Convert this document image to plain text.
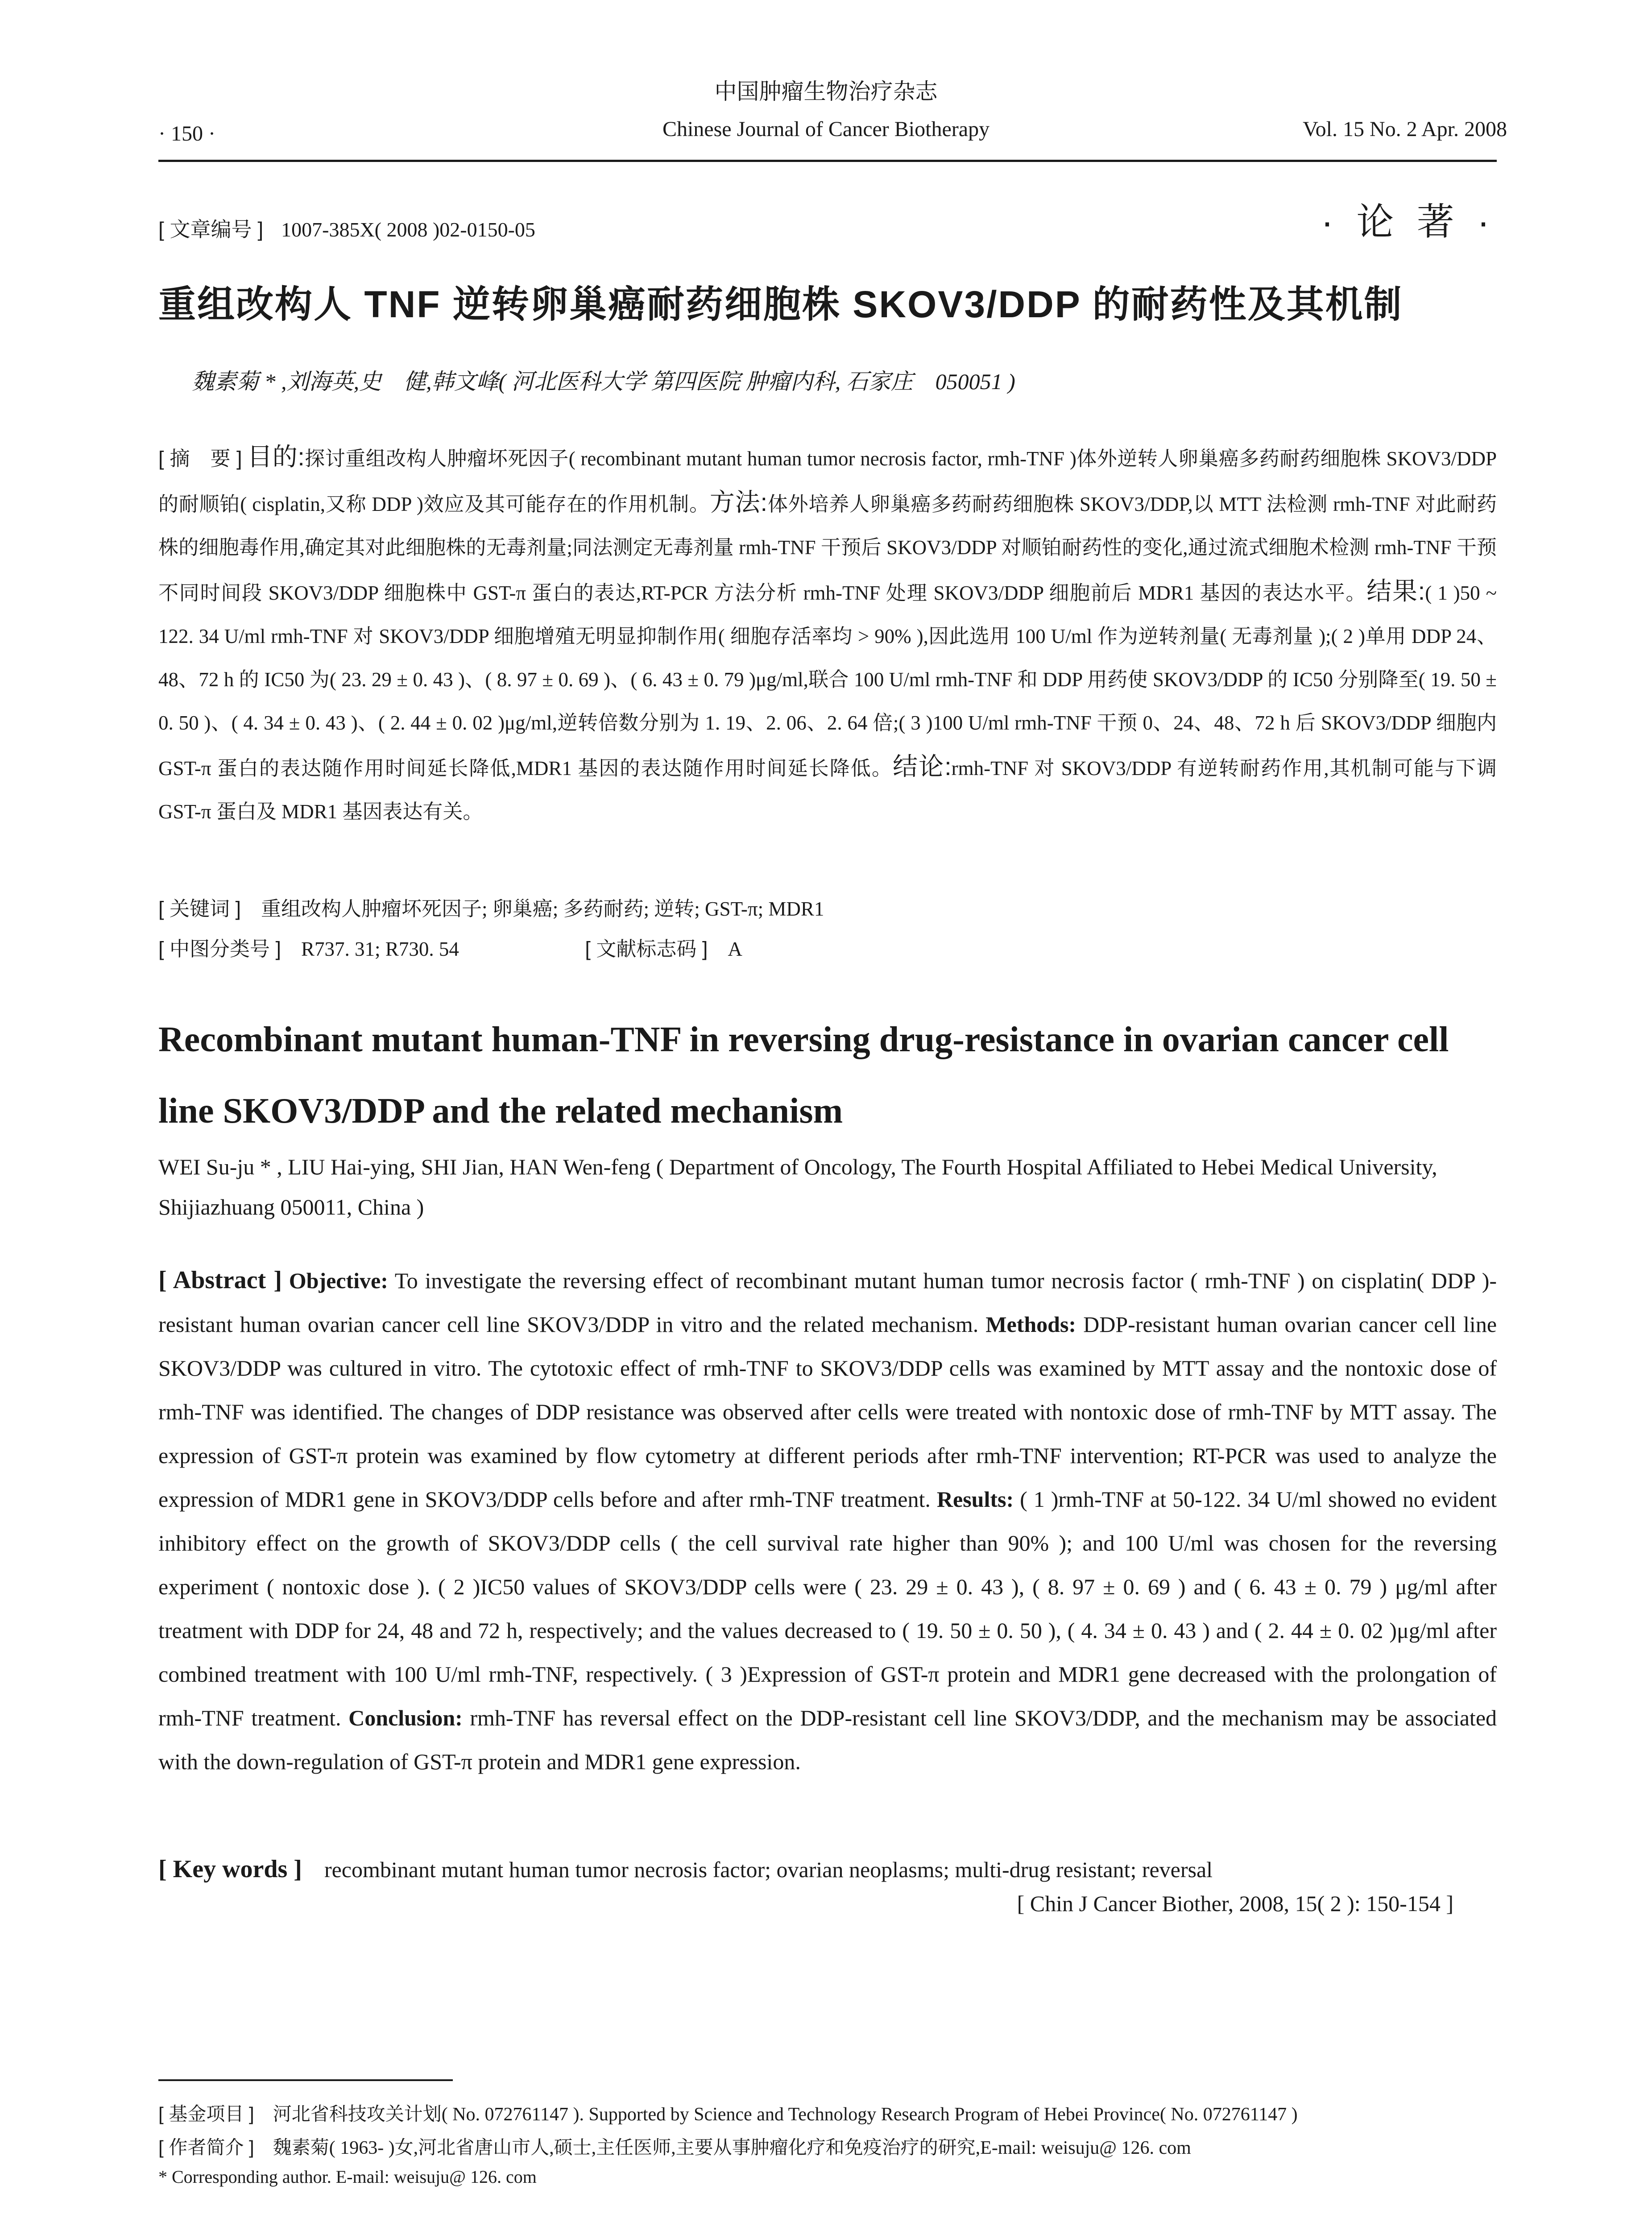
中国肿瘤生物治疗杂志
· 150 ·	Chinese Journal of Cancer Biotherapy	Vol. 15 No. 2 Apr. 2008
[ 文章编号 ] 1007-385X( 2008 )02-0150-05	· 论 著 ·
重组改构人 TNF 逆转卵巢癌耐药细胞株 SKOV3/DDP 的耐药性及其机制
魏素菊 * ,刘海英,史　健,韩文峰( 河北医科大学 第四医院 肿瘤内科, 石家庄　050051 )
[ 摘　要 ] 目的:探讨重组改构人肿瘤坏死因子( recombinant mutant human tumor necrosis factor, rmh-TNF )体外逆转人卵巢癌多药耐药细胞株 SKOV3/DDP 的耐顺铂( cisplatin,又称 DDP )效应及其可能存在的作用机制。方法:体外培养人卵巢癌多药耐药细胞株 SKOV3/DDP,以 MTT 法检测 rmh-TNF 对此耐药株的细胞毒作用,确定其对此细胞株的无毒剂量;同法测定无毒剂量 rmh-TNF 干预后 SKOV3/DDP 对顺铂耐药性的变化,通过流式细胞术检测 rmh-TNF 干预不同时间段 SKOV3/DDP 细胞株中 GST-π 蛋白的表达,RT-PCR 方法分析 rmh-TNF 处理 SKOV3/DDP 细胞前后 MDR1 基因的表达水平。结果:( 1 )50 ~ 122. 34 U/ml rmh-TNF 对 SKOV3/DDP 细胞增殖无明显抑制作用( 细胞存活率均 > 90% ),因此选用 100 U/ml 作为逆转剂量( 无毒剂量 );( 2 )单用 DDP 24、48、72 h 的 IC50 为( 23. 29 ± 0. 43 )、( 8. 97 ± 0. 69 )、( 6. 43 ± 0. 79 )μg/ml,联合 100 U/ml rmh-TNF 和 DDP 用药使 SKOV3/DDP 的 IC50 分别降至( 19. 50 ± 0. 50 )、( 4. 34 ± 0. 43 )、( 2. 44 ± 0. 02 )μg/ml,逆转倍数分别为 1. 19、2. 06、2. 64 倍;( 3 )100 U/ml rmh-TNF 干预 0、24、48、72 h 后 SKOV3/DDP 细胞内 GST-π 蛋白的表达随作用时间延长降低,MDR1 基因的表达随作用时间延长降低。结论:rmh-TNF 对 SKOV3/DDP 有逆转耐药作用,其机制可能与下调 GST-π 蛋白及 MDR1 基因表达有关。
[ 关键词 ]　 重组改构人肿瘤坏死因子; 卵巢癌; 多药耐药; 逆转; GST-π; MDR1
[ 中图分类号 ]　 R737. 31; R730. 54	[ 文献标志码 ]　 A
Recombinant mutant human-TNF in reversing drug-resistance in ovarian cancer cell line SKOV3/DDP and the related mechanism
WEI Su-ju * , LIU Hai-ying, SHI Jian, HAN Wen-feng ( Department of Oncology, The Fourth Hospital Affiliated to Hebei Medical University, Shijiazhuang 050011, China )
[ Abstract ] Objective: To investigate the reversing effect of recombinant mutant human tumor necrosis factor ( rmh-TNF ) on cisplatin( DDP )-resistant human ovarian cancer cell line SKOV3/DDP in vitro and the related mechanism. Methods: DDP-resistant human ovarian cancer cell line SKOV3/DDP was cultured in vitro. The cytotoxic effect of rmh-TNF to SKOV3/DDP cells was examined by MTT assay and the nontoxic dose of rmh-TNF was identified. The changes of DDP resistance was observed after cells were treated with nontoxic dose of rmh-TNF by MTT assay. The expression of GST-π protein was examined by flow cytometry at different periods after rmh-TNF intervention; RT-PCR was used to analyze the expression of MDR1 gene in SKOV3/DDP cells before and after rmh-TNF treatment. Results: ( 1 )rmh-TNF at 50-122. 34 U/ml showed no evident inhibitory effect on the growth of SKOV3/DDP cells ( the cell survival rate higher than 90% ); and 100 U/ml was chosen for the reversing experiment ( nontoxic dose ). ( 2 )IC50 values of SKOV3/DDP cells were ( 23. 29 ± 0. 43 ), ( 8. 97 ± 0. 69 ) and ( 6. 43 ± 0. 79 ) μg/ml after treatment with DDP for 24, 48 and 72 h, respectively; and the values decreased to ( 19. 50 ± 0. 50 ), ( 4. 34 ± 0. 43 ) and ( 2. 44 ± 0. 02 )μg/ml after combined treatment with 100 U/ml rmh-TNF, respectively. ( 3 )Expression of GST-π protein and MDR1 gene decreased with the prolongation of rmh-TNF treatment. Conclusion: rmh-TNF has reversal effect on the DDP-resistant cell line SKOV3/DDP, and the mechanism may be associated with the down-regulation of GST-π protein and MDR1 gene expression.
[ Key words ]　 recombinant mutant human tumor necrosis factor; ovarian neoplasms; multi-drug resistant; reversal
[ Chin J Cancer Biother, 2008, 15( 2 ): 150-154 ]
[ 基金项目 ]　 河北省科技攻关计划( No. 072761147 ). Supported by Science and Technology Research Program of Hebei Province( No. 072761147 )
[ 作者简介 ]　 魏素菊( 1963- )女,河北省唐山市人,硕士,主任医师,主要从事肿瘤化疗和免疫治疗的研究,E-mail: weisuju@ 126. com
* Corresponding author. E-mail: weisuju@ 126. com
